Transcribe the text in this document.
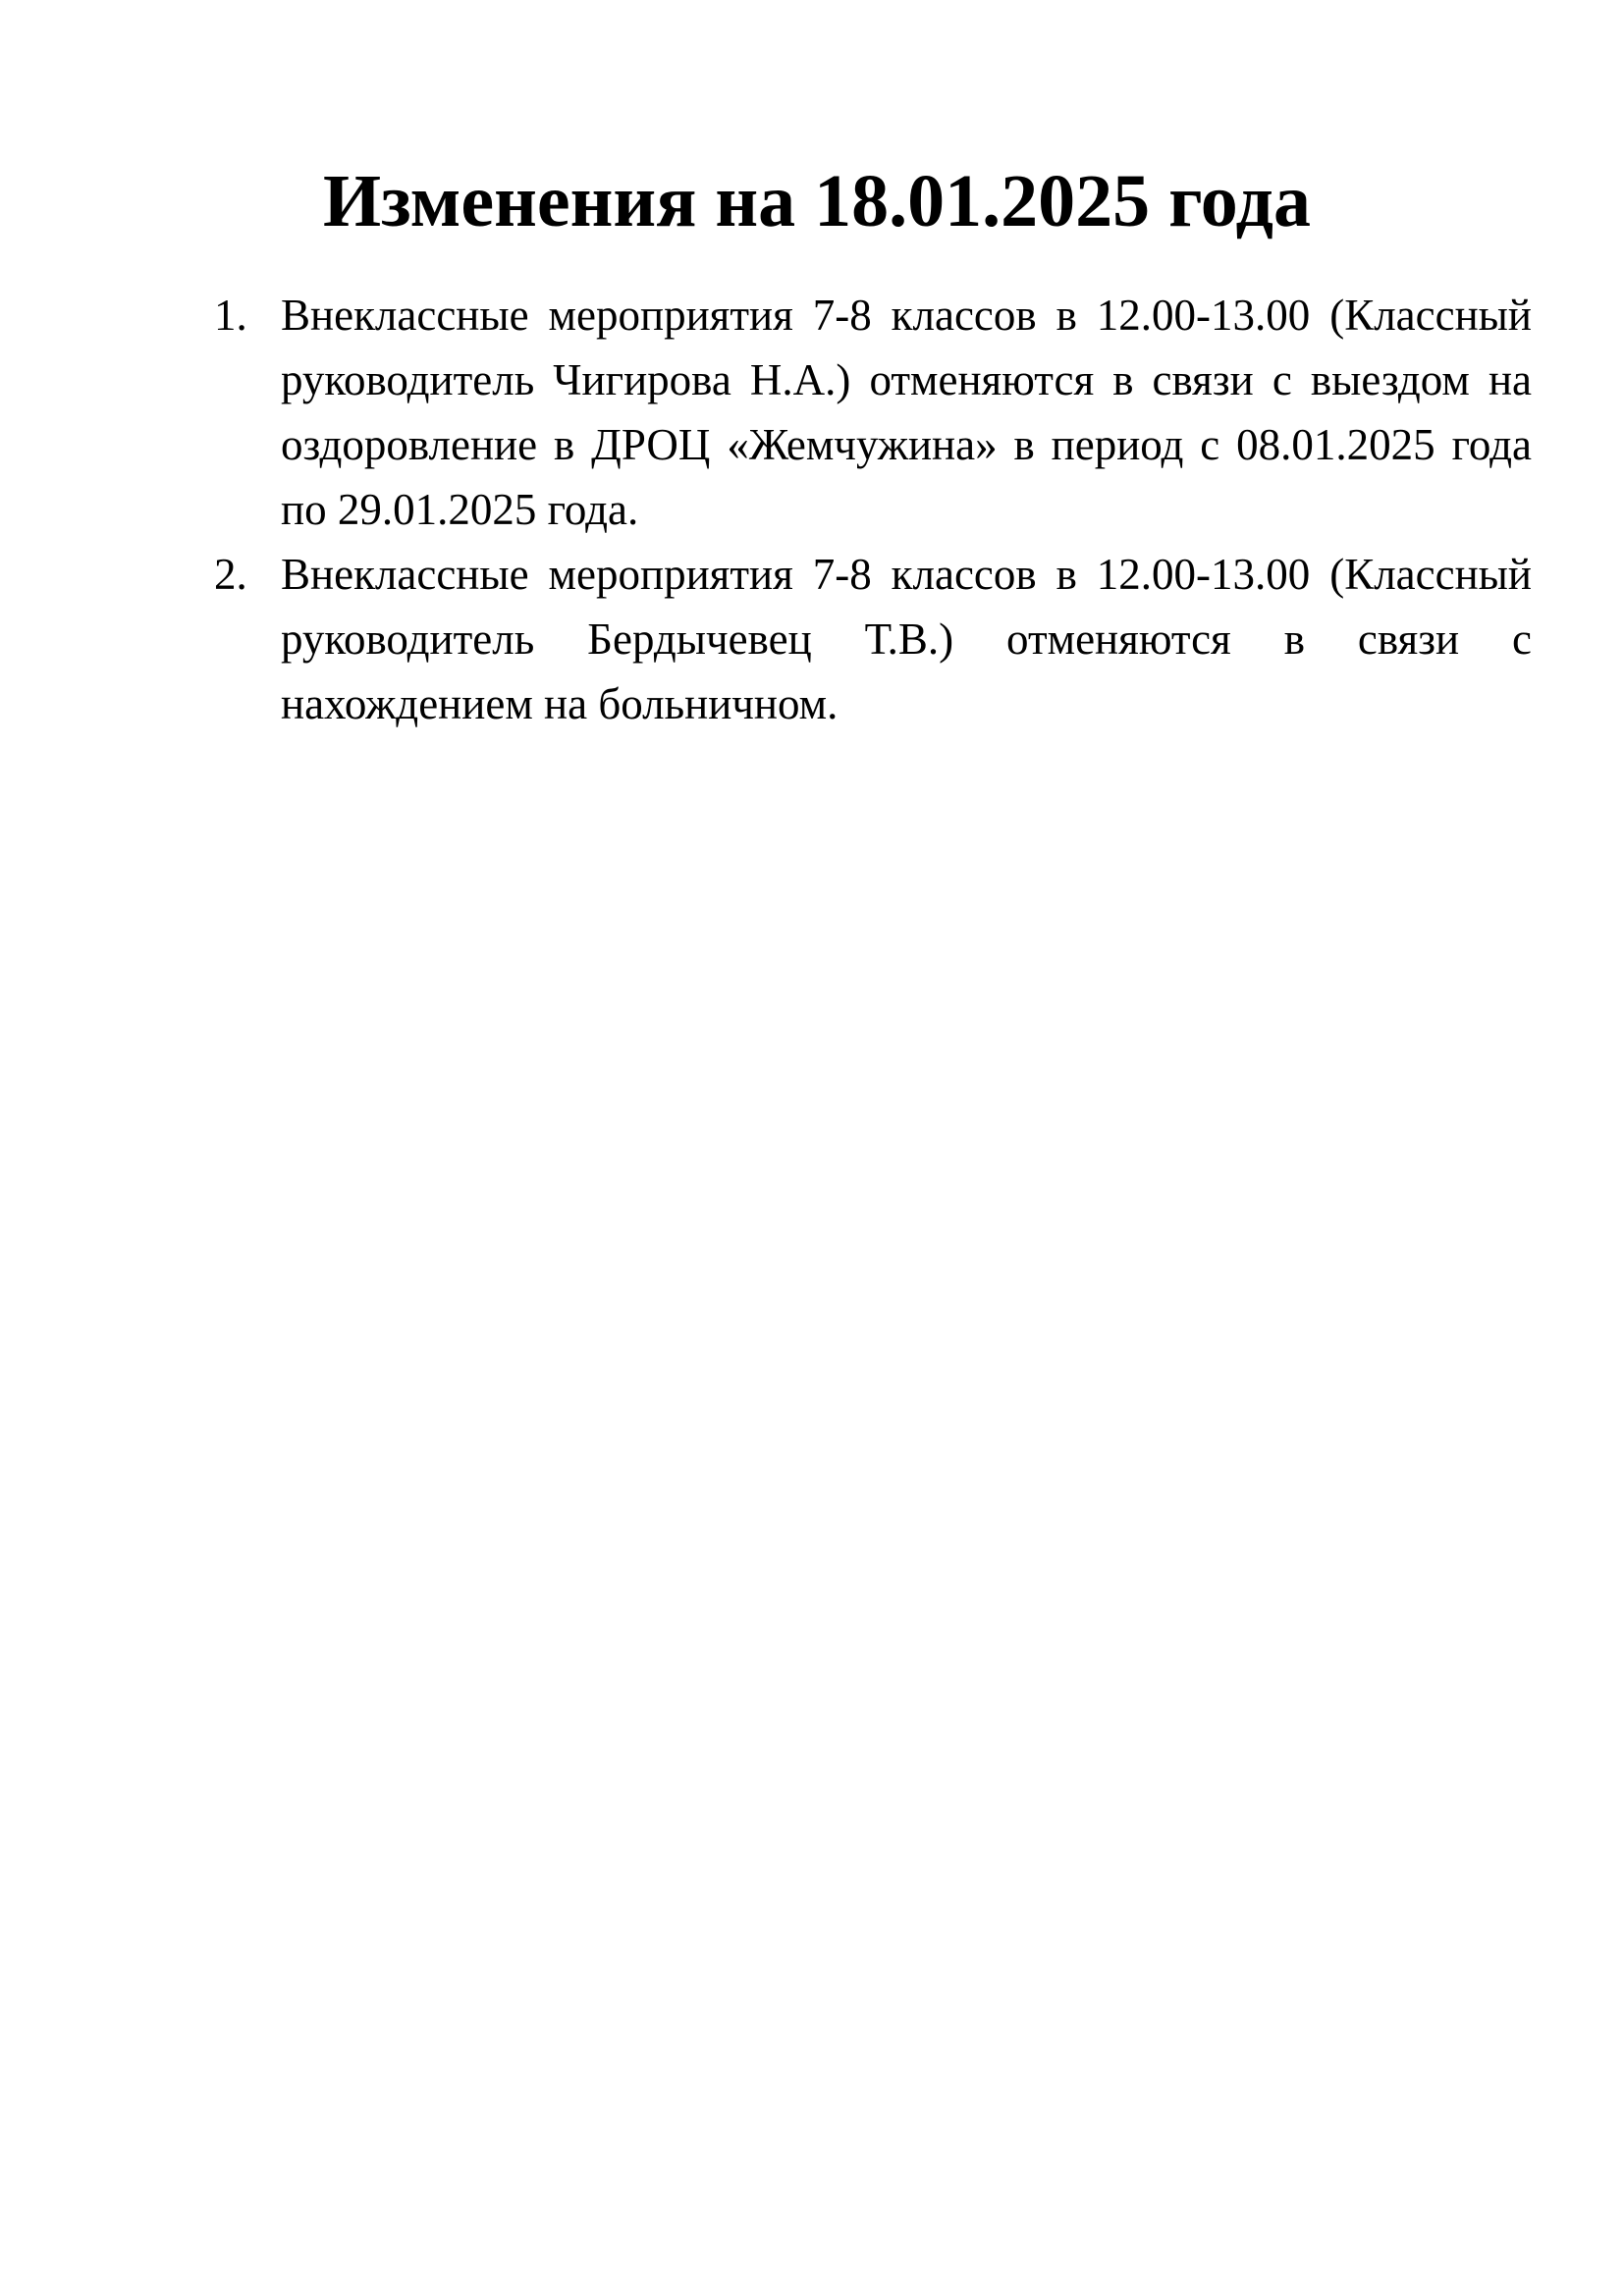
Изменения на 18.01.2025 года
1. Внеклассные мероприятия 7-8 классов в 12.00-13.00 (Классный руководитель Чигирова Н.А.) отменяются в связи с выездом на оздоровление в ДРОЦ «Жемчужина» в период с 08.01.2025 года по 29.01.2025 года.
2. Внеклассные мероприятия 7-8 классов в 12.00-13.00 (Классный руководитель Бердычевец Т.В.) отменяются в связи с нахождением на больничном.
